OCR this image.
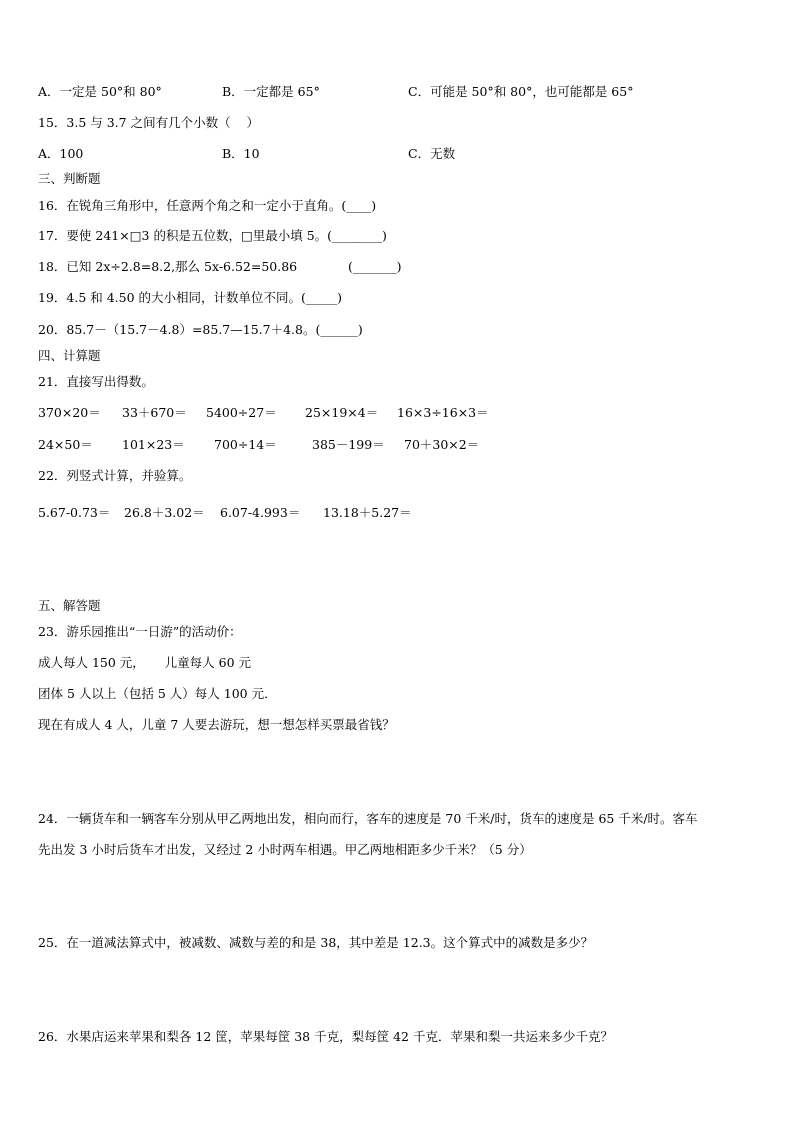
A．一定是 50°和 80°	B．一定都是 65°	C．可能是 50°和 80°，也可能都是 65°
15．3.5 与 3.7 之间有几个小数（    ）
A．100	B．10	C．无数
三、判断题
16．在锐角三角形中，任意两个角之和一定小于直角。(____)
17．要使 241×□3 的积是五位数，□里最小填 5。(________)
18．已知 2x÷2.8=8.2,那么 5x-6.52=50.86	(_______)
19．4.5 和 4.50 的大小相同，计数单位不同。(_____)
20．85.7－（15.7－4.8）=85.7—15.7＋4.8。(______)
四、计算题
21．直接写出得数。
370×20＝ 33＋670＝ 5400÷27＝ 25×19×4＝ 16×3÷16×3＝
24×50＝ 101×23＝ 700÷14＝	385－199＝ 70＋30×2＝
22．列竖式计算，并验算。
5.67-0.73＝ 26.8＋3.02＝ 6.07-4.993＝ 13.18＋5.27＝
五、解答题
23．游乐园推出“一日游”的活动价：
成人每人 150 元，     儿童每人 60 元
团体 5 人以上（包括 5 人）每人 100 元．
现在有成人 4 人，儿童 7 人要去游玩，想一想怎样买票最省钱？
24．一辆货车和一辆客车分别从甲乙两地出发，相向而行，客车的速度是 70 千米/时，货车的速度是 65 千米/时。客车
先出发 3 小时后货车才出发，又经过 2 小时两车相遇。甲乙两地相距多少千米？（5 分）
25．在一道减法算式中，被减数、减数与差的和是 38，其中差是 12.3。这个算式中的减数是多少？
26．水果店运来苹果和梨各 12 筐，苹果每筐 38 千克，梨每筐 42 千克．苹果和梨一共运来多少千克？
